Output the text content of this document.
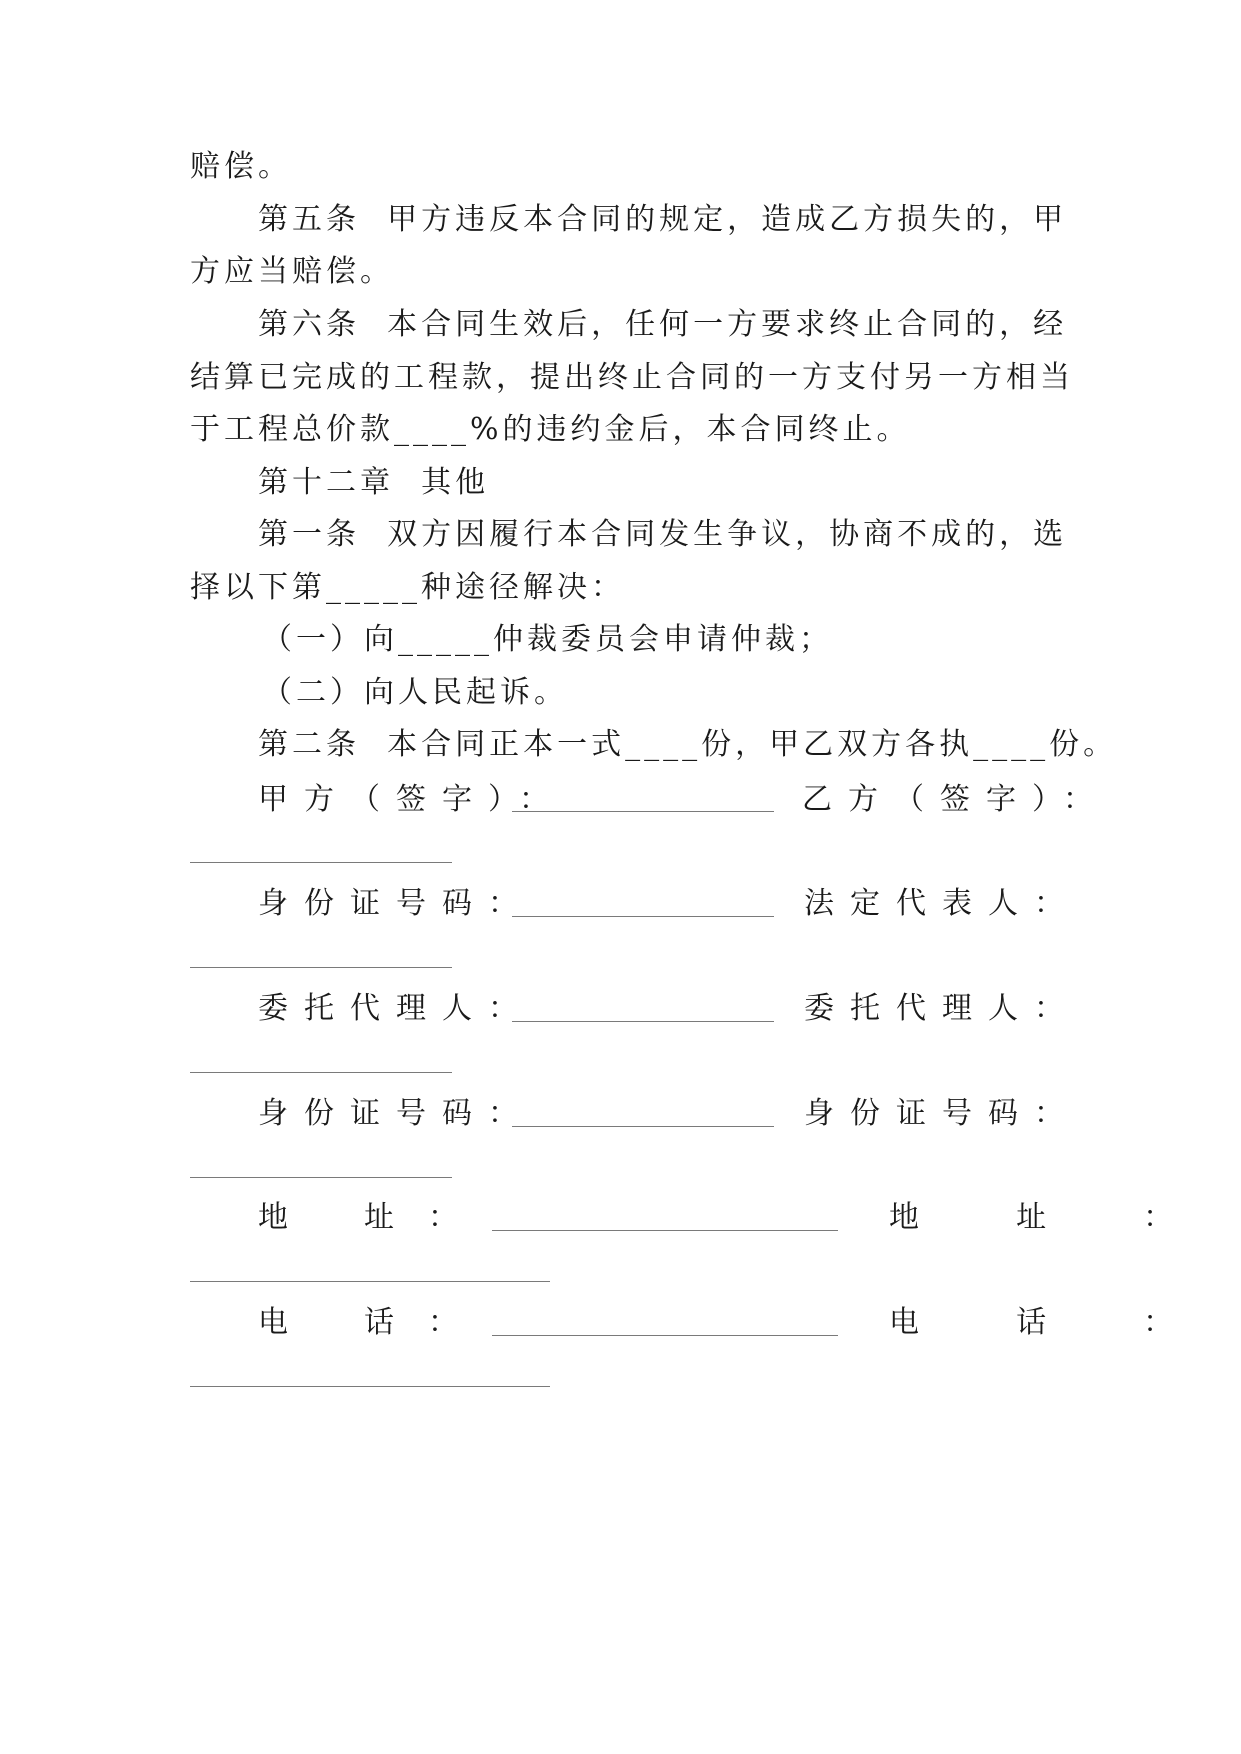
赔偿。
第五条  甲方违反本合同的规定，造成乙方损失的，甲
方应当赔偿。
第六条  本合同生效后，任何一方要求终止合同的，经
结算已完成的工程款，提出终止合同的一方支付另一方相当
于工程总价款____%的违约金后，本合同终止。
第十二章  其他
第一条  双方因履行本合同发生争议，协商不成的，选
择以下第_____种途径解决：
（一）向_____仲裁委员会申请仲裁；
（二）向人民起诉。
第二条  本合同正本一式____份，甲乙双方各执____份。
甲方（签字）：	乙方（签字）：
身份证号码：	法定代表人：
委托代理人：	委托代理人：
身份证号码：	身份证号码：
地	址 ：	地  址  ：
电	话 ：	电  话  ：
